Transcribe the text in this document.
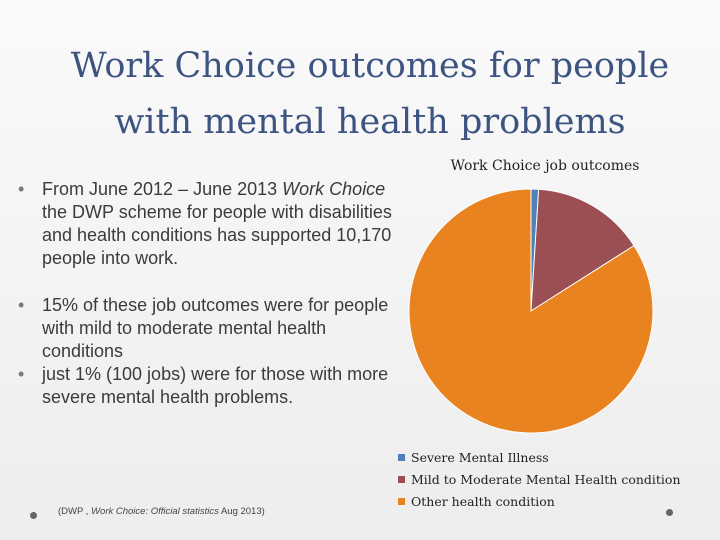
Work Choice outcomes for people
with mental health problems
• From June 2012 – June 2013 Work Choice the DWP scheme for people with disabilities and health conditions has supported 10,170 people into work.
• 15% of these job outcomes were for people with mild to moderate mental health conditions
• just 1% (100 jobs) were for those with more severe mental health problems.
(DWP , Work Choice: Official statistics Aug 2013)
Work Choice job outcomes
Severe Mental Illness
Mild to Moderate Mental Health condition
Other health condition
